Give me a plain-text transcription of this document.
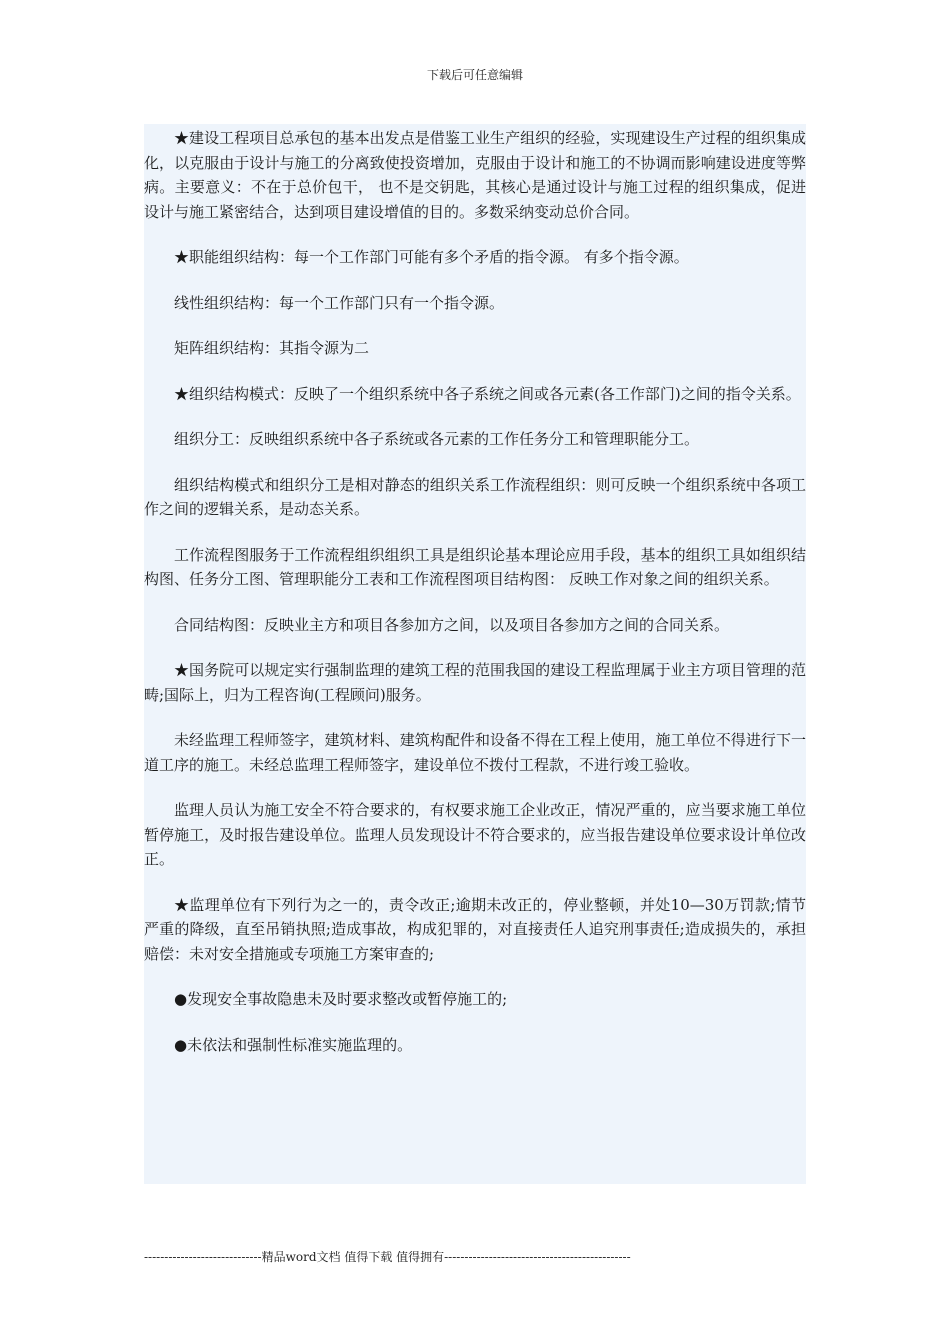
下载后可任意编辑

★建设工程项目总承包的基本出发点是借鉴工业生产组织的经验，实现建设生产过程的组织集成化，以克服由于设计与施工的分离致使投资增加，克服由于设计和施工的不协调而影响建设进度等弊病。主要意义：不在于总价包干， 也不是交钥匙，其核心是通过设计与施工过程的组织集成，促进设计与施工紧密结合，达到项目建设增值的目的。多数采纳变动总价合同。

★职能组织结构：每一个工作部门可能有多个矛盾的指令源。 有多个指令源。

线性组织结构：每一个工作部门只有一个指令源。

矩阵组织结构：其指令源为二

★组织结构模式：反映了一个组织系统中各子系统之间或各元素(各工作部门)之间的指令关系。

组织分工：反映组织系统中各子系统或各元素的工作任务分工和管理职能分工。

组织结构模式和组织分工是相对静态的组织关系工作流程组织：则可反映一个组织系统中各项工作之间的逻辑关系，是动态关系。

工作流程图服务于工作流程组织组织工具是组织论基本理论应用手段，基本的组织工具如组织结构图、任务分工图、管理职能分工表和工作流程图项目结构图： 反映工作对象之间的组织关系。

合同结构图：反映业主方和项目各参加方之间，以及项目各参加方之间的合同关系。

★国务院可以规定实行强制监理的建筑工程的范围我国的建设工程监理属于业主方项目管理的范畴;国际上，归为工程咨询(工程顾问)服务。

未经监理工程师签字，建筑材料、建筑构配件和设备不得在工程上使用，施工单位不得进行下一道工序的施工。未经总监理工程师签字，建设单位不拨付工程款，不进行竣工验收。

监理人员认为施工安全不符合要求的，有权要求施工企业改正，情况严重的，应当要求施工单位暂停施工，及时报告建设单位。监理人员发现设计不符合要求的，应当报告建设单位要求设计单位改正。

★监理单位有下列行为之一的，责令改正;逾期未改正的，停业整顿，并处10—30万罚款;情节严重的降级，直至吊销执照;造成事故，构成犯罪的，对直接责任人追究刑事责任;造成损失的，承担赔偿：未对安全措施或专项施工方案审查的;

●发现安全事故隐患未及时要求整改或暂停施工的;

●未依法和强制性标准实施监理的。

-----------------------------精品word文档 值得下载 值得拥有----------------------------------------------
